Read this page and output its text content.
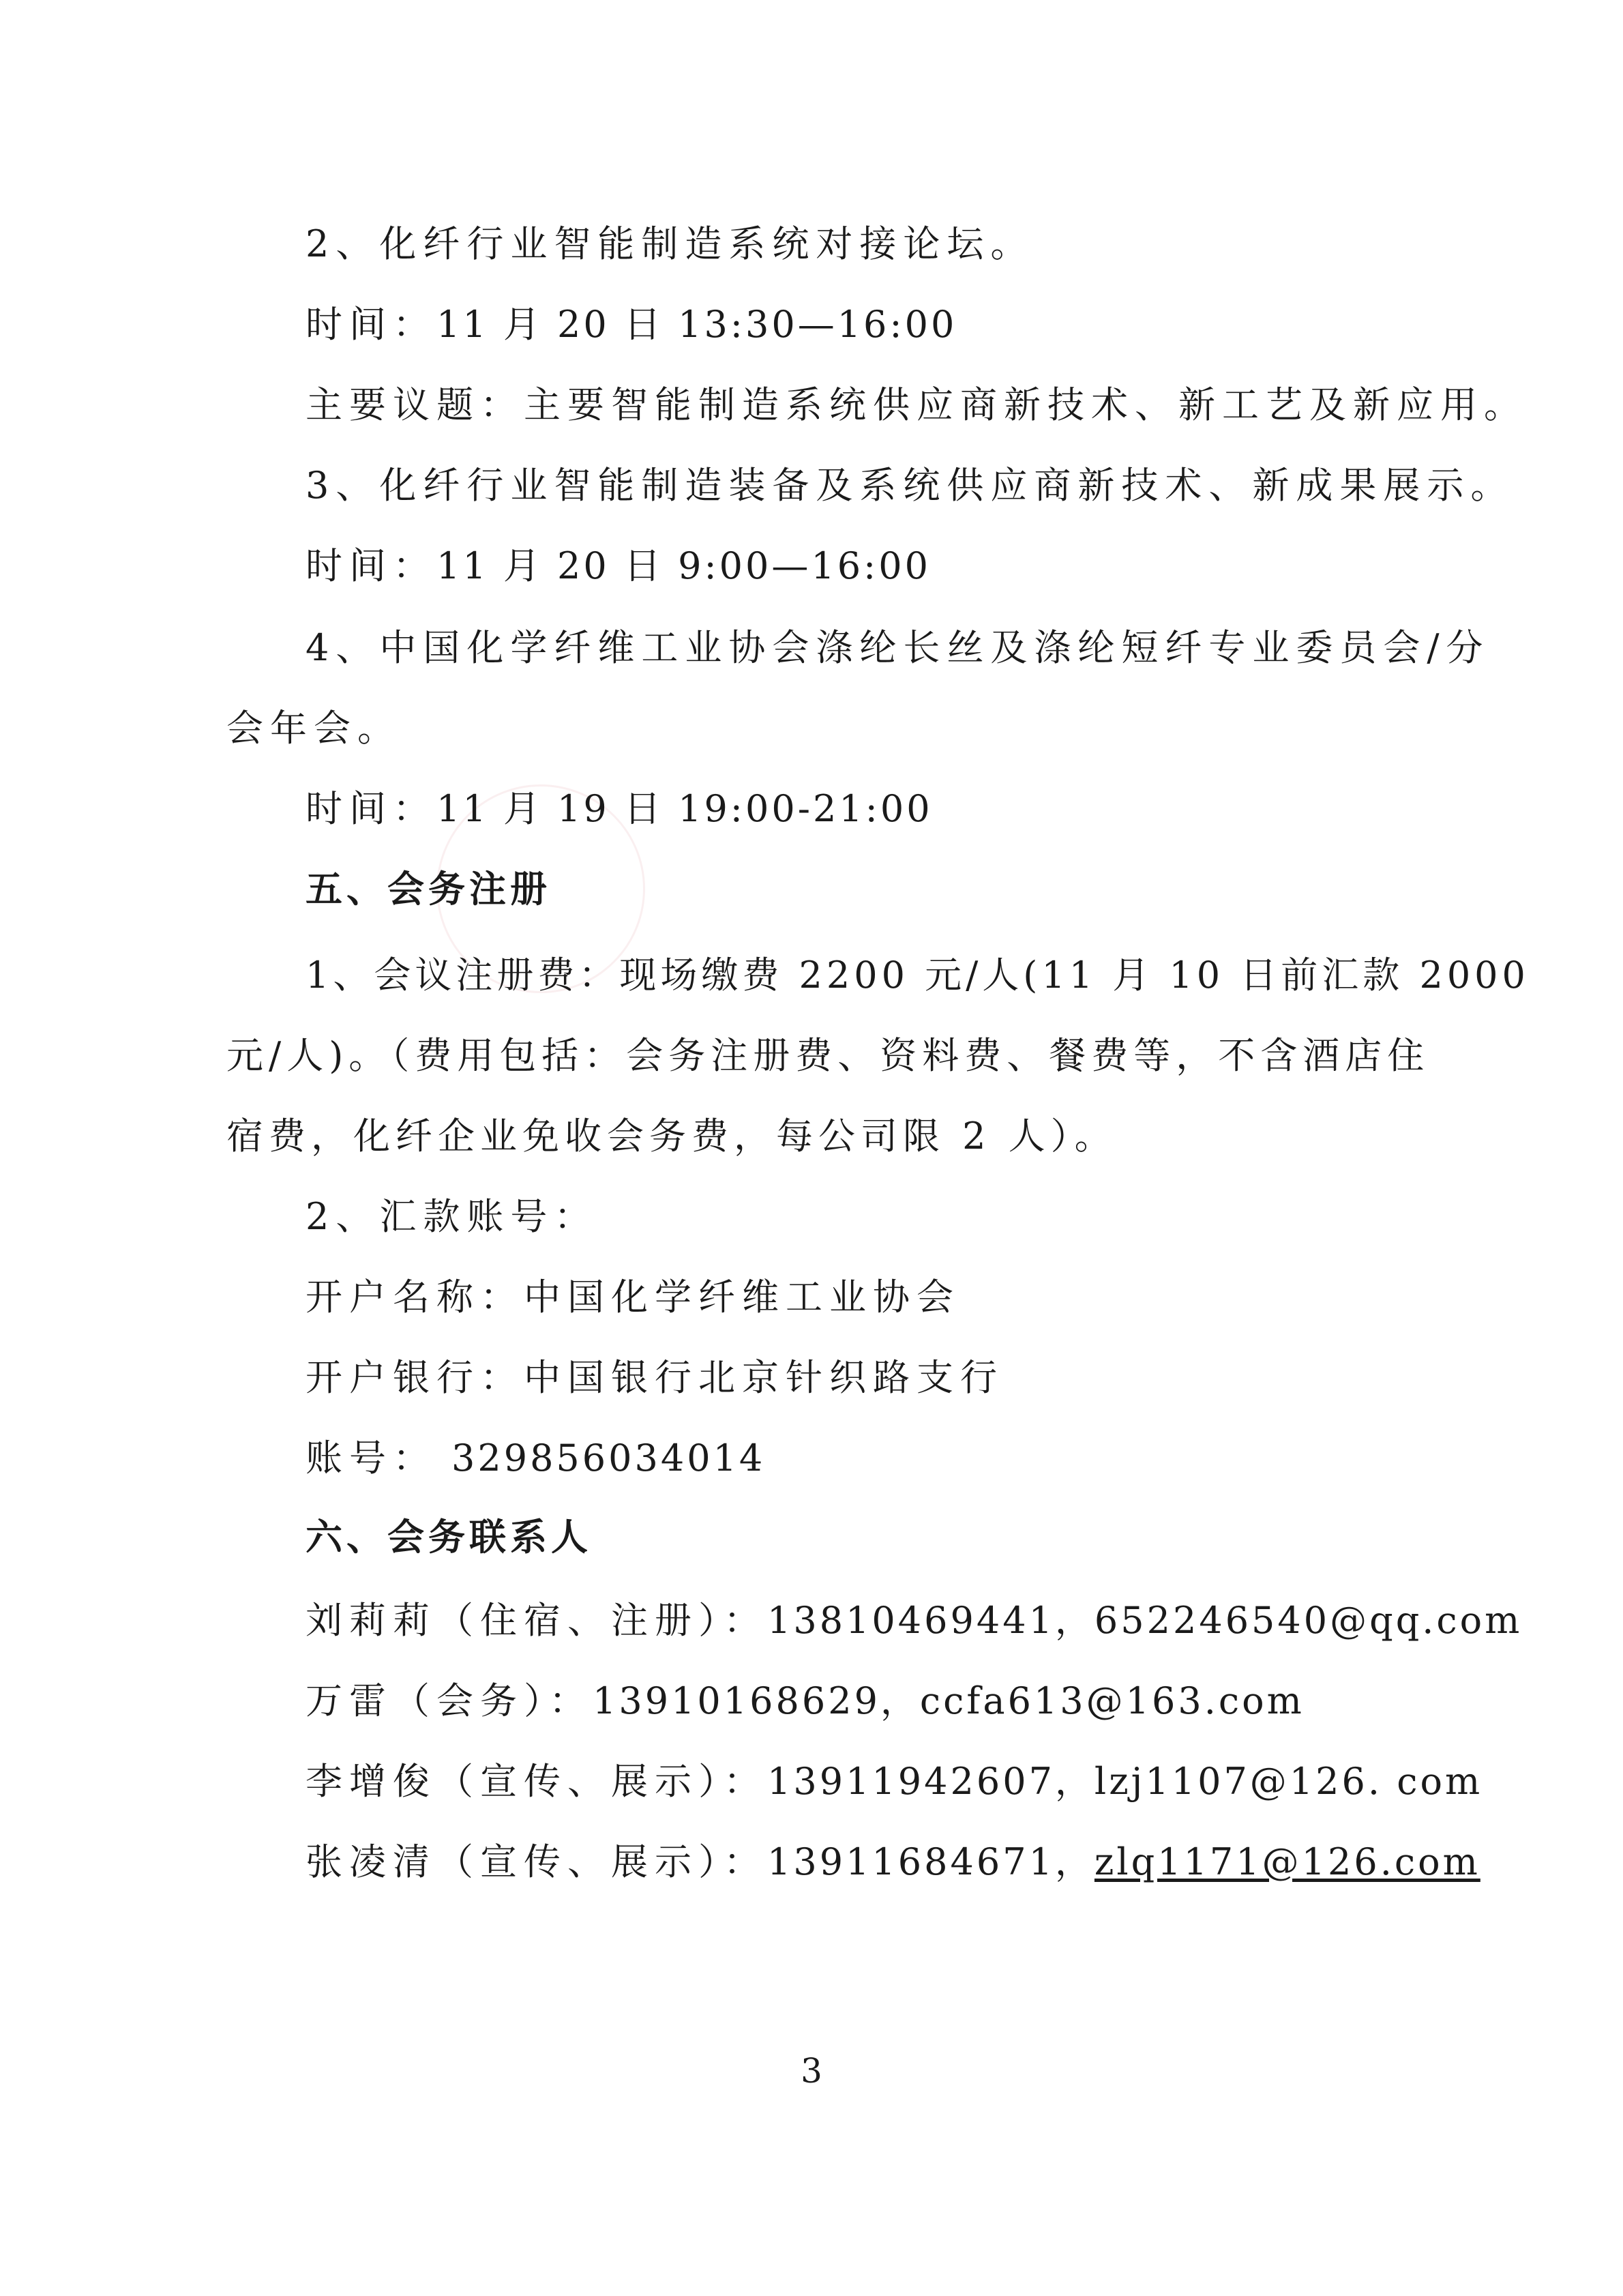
2、化纤行业智能制造系统对接论坛。
时间：11 月 20 日 13:30—16:00
主要议题：主要智能制造系统供应商新技术、新工艺及新应用。
3、化纤行业智能制造装备及系统供应商新技术、新成果展示。
时间：11 月 20 日 9:00—16:00
4、中国化学纤维工业协会涤纶长丝及涤纶短纤专业委员会/分
会年会。
时间：11 月 19 日 19:00-21:00
五、会务注册
1、会议注册费：现场缴费 2200 元/人(11 月 10 日前汇款 2000
元/人)。（费用包括：会务注册费、资料费、餐费等，不含酒店住
宿费，化纤企业免收会务费，每公司限 2 人）。
2、汇款账号：
开户名称：中国化学纤维工业协会
开户银行：中国银行北京针织路支行
账号： 329856034014
六、会务联系人
刘莉莉（住宿、注册）：13810469441，652246540@qq.com
万雷（会务）：13910168629，ccfa613@163.com
李增俊（宣传、展示）：13911942607，lzj1107@126. com
张凌清（宣传、展示）：13911684671，zlq1171@126.com
3
